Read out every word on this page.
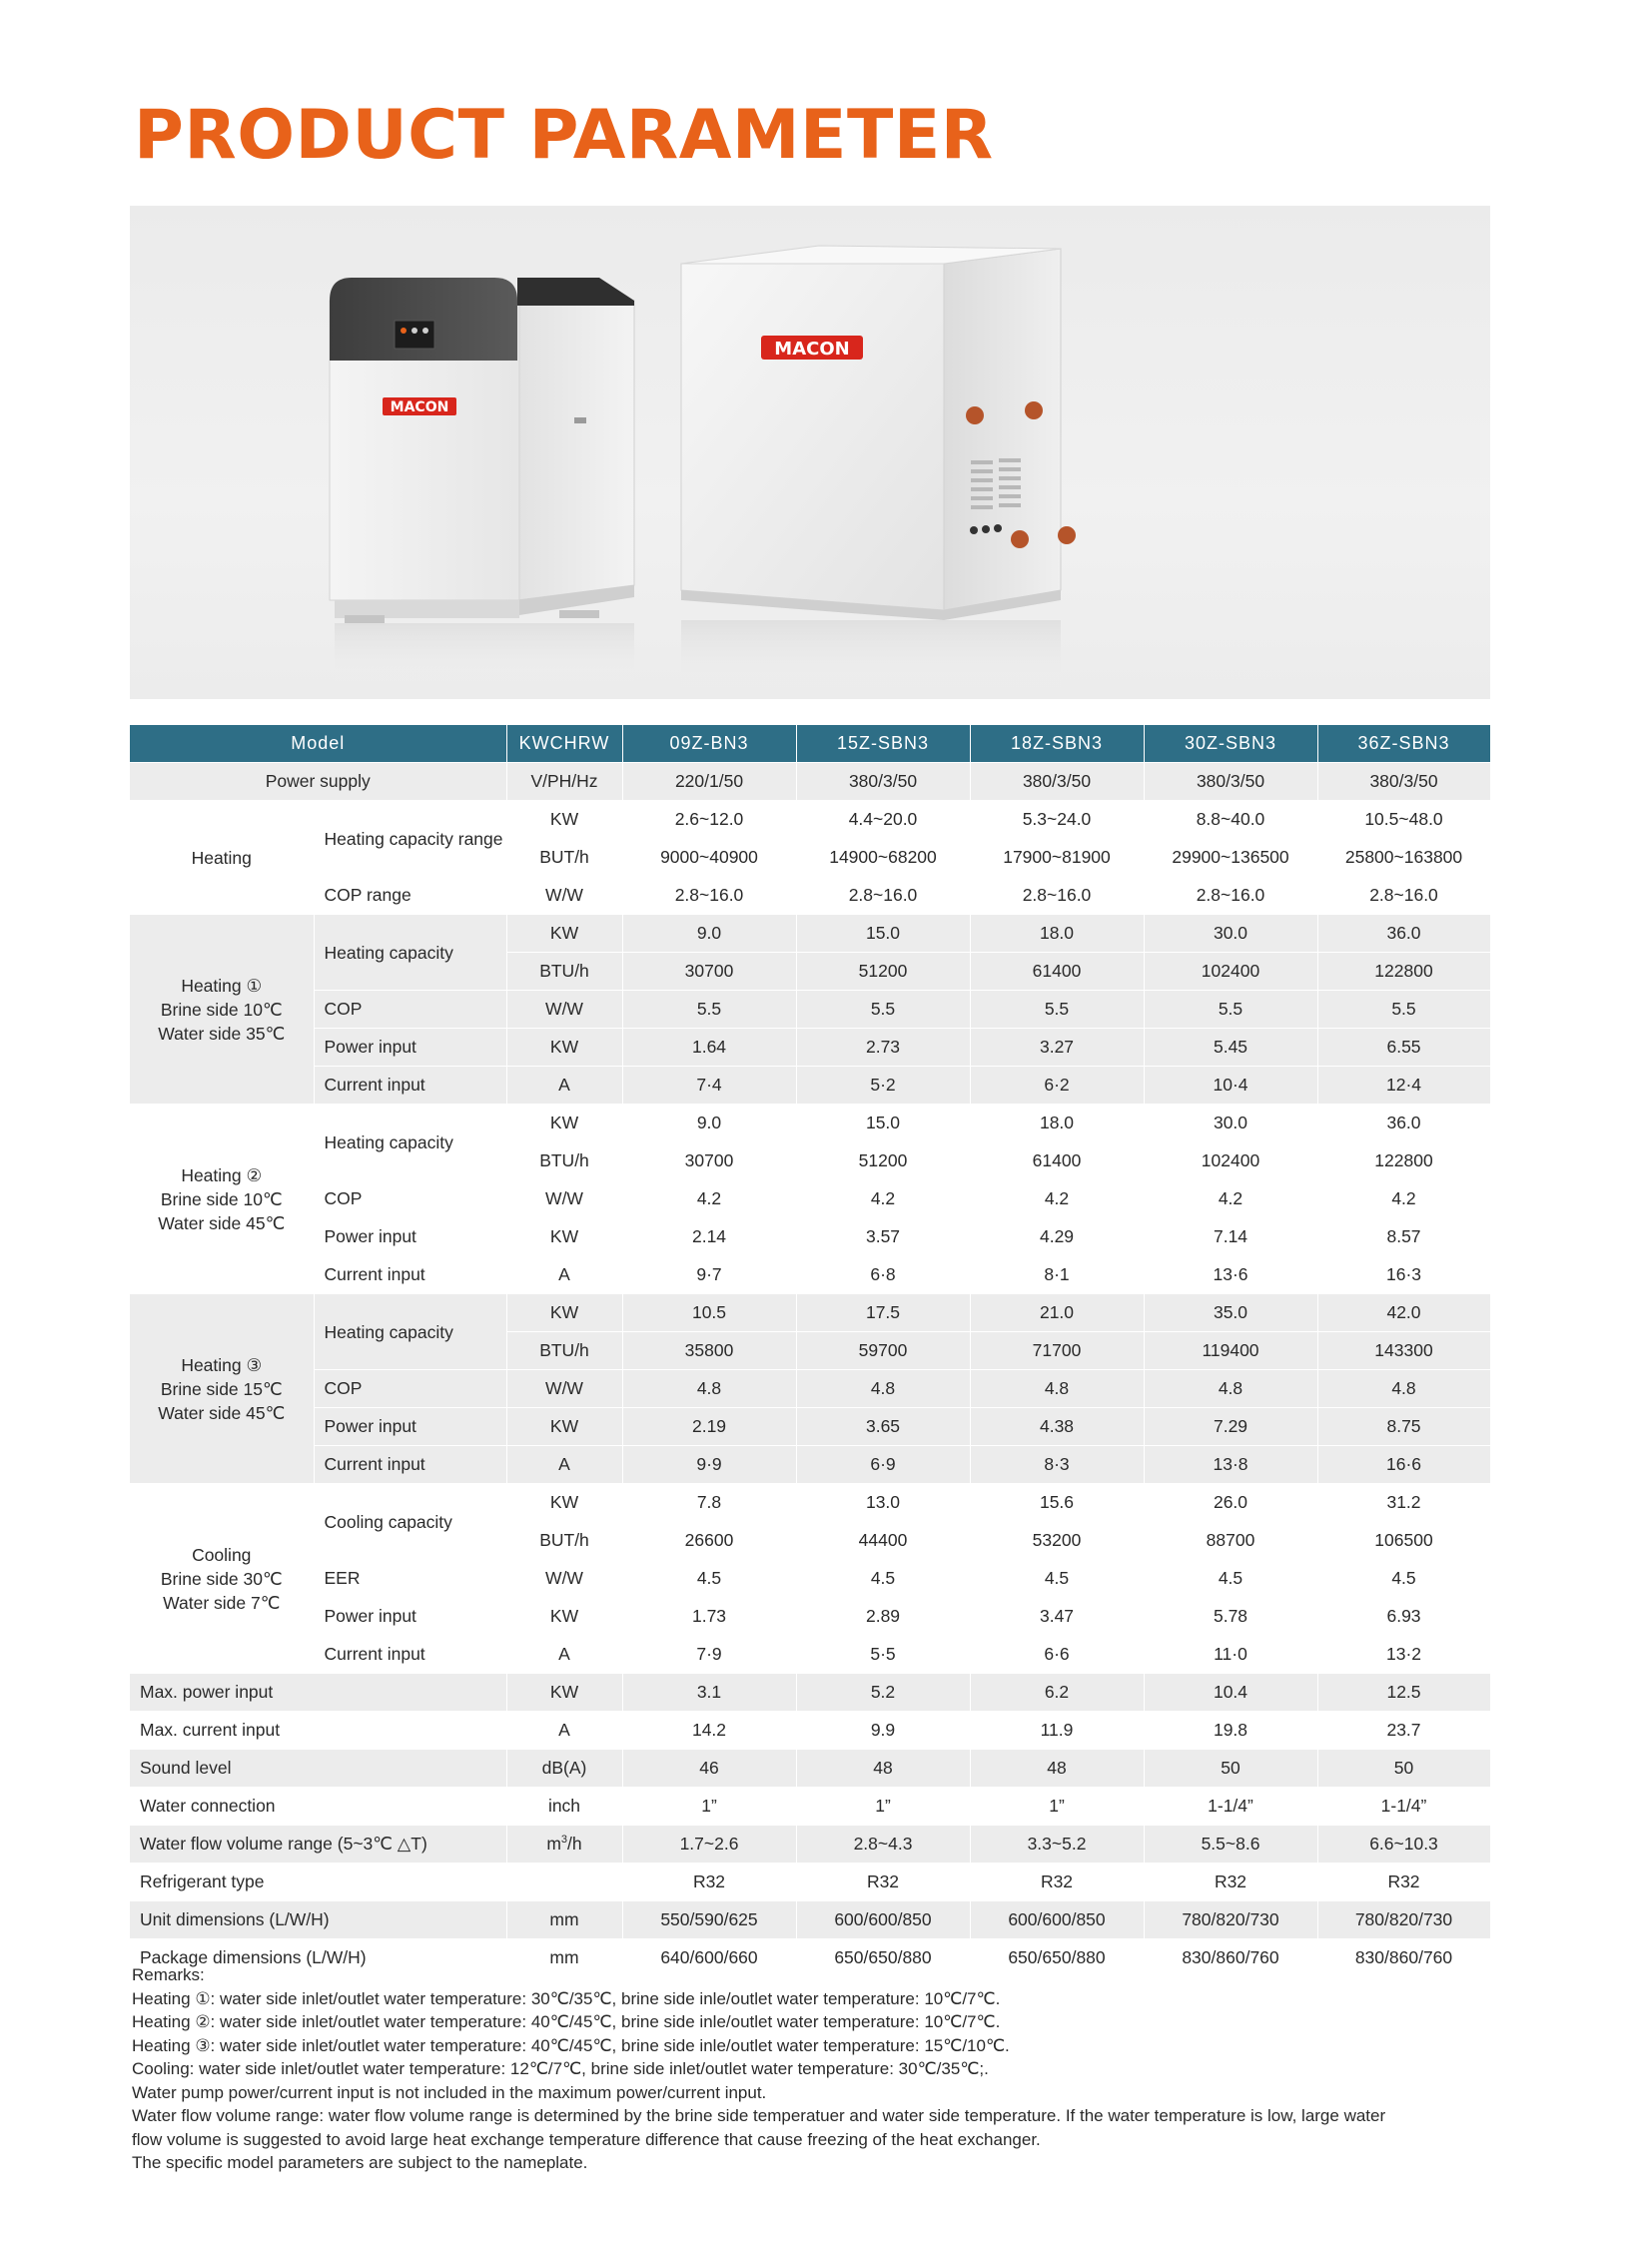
PRODUCT PARAMETER
MACON
MACON
Model		KWCHRW	09Z-BN3	15Z-SBN3	18Z-SBN3	30Z-SBN3	36Z-SBN3
Power supply		V/PH/Hz	220/1/50	380/3/50	380/3/50	380/3/50	380/3/50
Heating	Heating capacity range	KW	2.6~12.0	4.4~20.0	5.3~24.0	8.8~40.0	10.5~48.0
		BUT/h	9000~40900	14900~68200	17900~81900	29900~136500	25800~163800
	COP range	W/W	2.8~16.0	2.8~16.0	2.8~16.0	2.8~16.0	2.8~16.0
Heating ①
Brine side 10℃
Water side 35℃	Heating capacity	KW	9.0	15.0	18.0	30.0	36.0
		BTU/h	30700	51200	61400	102400	122800
	COP	W/W	5.5	5.5	5.5	5.5	5.5
	Power input	KW	1.64	2.73	3.27	5.45	6.55
	Current input	A	7·4	5·2	6·2	10·4	12·4
Heating ②
Brine side 10℃
Water side 45℃	Heating capacity	KW	9.0	15.0	18.0	30.0	36.0
		BTU/h	30700	51200	61400	102400	122800
	COP	W/W	4.2	4.2	4.2	4.2	4.2
	Power input	KW	2.14	3.57	4.29	7.14	8.57
	Current input	A	9·7	6·8	8·1	13·6	16·3
Heating ③
Brine side 15℃
Water side 45℃	Heating capacity	KW	10.5	17.5	21.0	35.0	42.0
		BTU/h	35800	59700	71700	119400	143300
	COP	W/W	4.8	4.8	4.8	4.8	4.8
	Power input	KW	2.19	3.65	4.38	7.29	8.75
	Current input	A	9·9	6·9	8·3	13·8	16·6
Cooling
Brine side 30℃
Water side 7℃	Cooling capacity	KW	7.8	13.0	15.6	26.0	31.2
		BUT/h	26600	44400	53200	88700	106500
	EER	W/W	4.5	4.5	4.5	4.5	4.5
	Power input	KW	1.73	2.89	3.47	5.78	6.93
	Current input	A	7·9	5·5	6·6	11·0	13·2
Max. power input		KW	3.1	5.2	6.2	10.4	12.5
Max. current input		A	14.2	9.9	11.9	19.8	23.7
Sound level		dB(A)	46	48	48	50	50
Water connection		inch	1”	1”	1”	1-1/4”	1-1/4”
Water flow volume range (5~3℃ △T)		$m^3/h$	1.7~2.6	2.8~4.3	3.3~5.2	5.5~8.6	6.6~10.3
Refrigerant type			R32	R32	R32	R32	R32
Unit dimensions (L/W/H)		mm	550/590/625	600/600/850	600/600/850	780/820/730	780/820/730
Package dimensions (L/W/H)		mm	640/600/660	650/650/880	650/650/880	830/860/760	830/860/760

Remarks:

Heating ①: water side inlet/outlet water temperature: 30℃/35℃, brine side inle/outlet water temperature: 10℃/7℃.

Heating ②: water side inlet/outlet water temperature: 40℃/45℃, brine side inle/outlet water temperature: 10℃/7℃.

Heating ③: water side inlet/outlet water temperature: 40℃/45℃, brine side inle/outlet water temperature: 15℃/10℃.

Cooling: water side inlet/outlet water temperature: 12℃/7℃, brine side inlet/outlet water temperature: 30℃/35℃;.

Water pump power/current input is not included in the maximum power/current input.

Water flow volume range: water flow volume range is determined by the brine side temperatuer and water side temperature. If the water temperature is low, large water

flow volume is suggested to avoid large heat exchange temperature difference that cause freezing of the heat exchanger.

The specific model parameters are subject to the nameplate.
